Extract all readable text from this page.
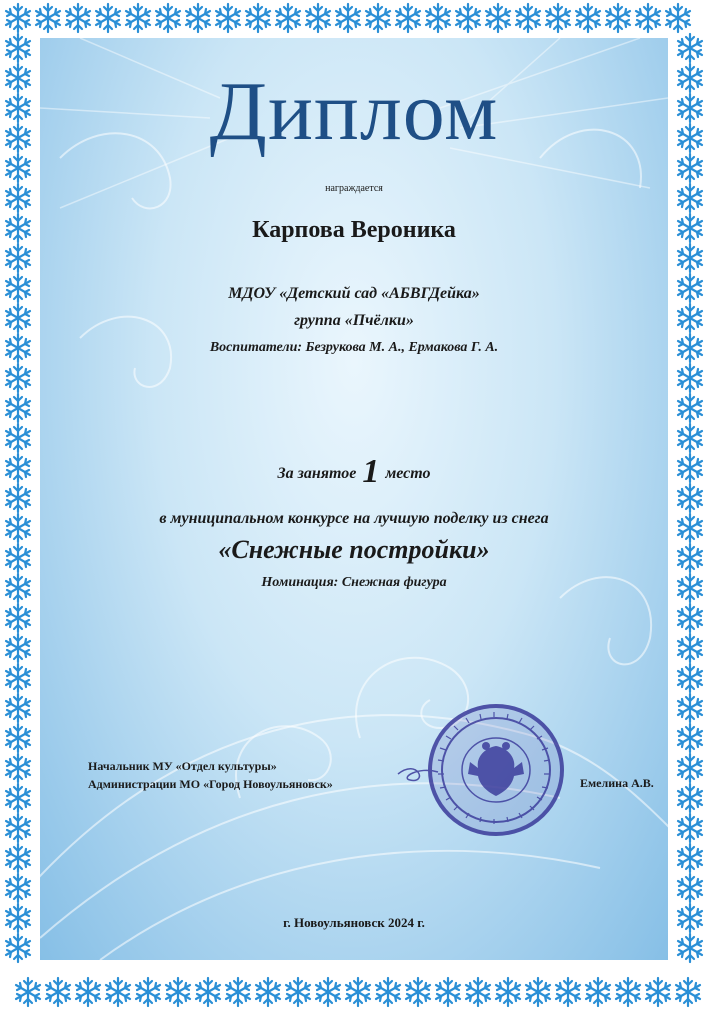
Диплом
награждается
Карпова Вероника
МДОУ «Детский сад «АБВГДейка»
группа «Пчёлки»
Воспитатели: Безрукова М. А., Ермакова Г. А.
За занятое 1 место
в муниципальном конкурсе на лучшую поделку из снега
«Снежные постройки»
Номинация: Снежная фигура
Начальник МУ «Отдел культуры»
Администрации МО «Город Новоульяновск»	Емелина А.В.
г. Новоульяновск 2024 г.
